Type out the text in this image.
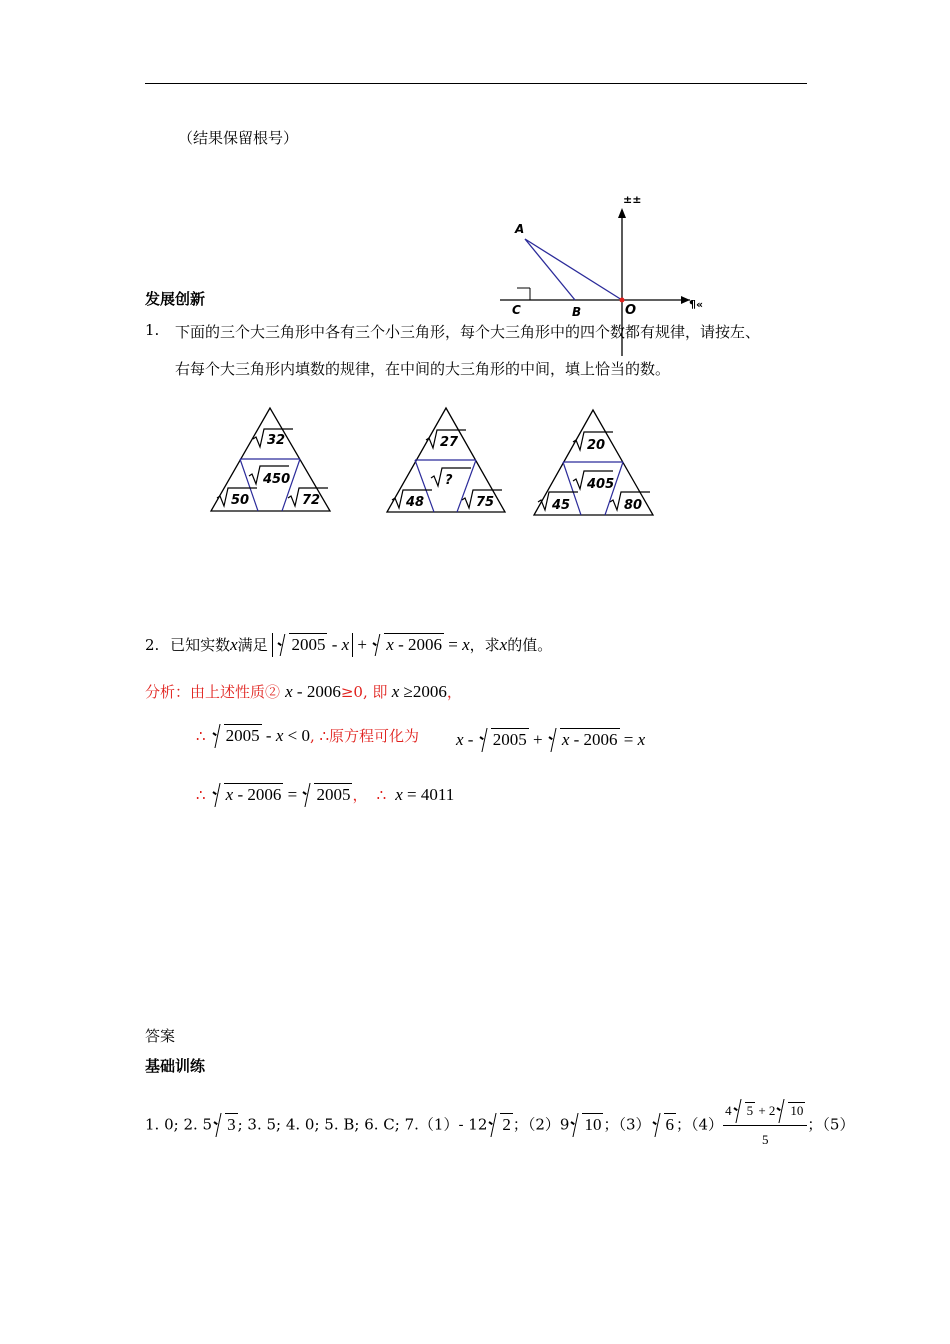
（结果保留根号）
A
C	B	O
±±
¶«
发展创新
1. 下面的三个大三角形中各有三个小三角形，每个大三角形中的四个数都有规律，请按左、
右每个大三角形内填数的规律，在中间的大三角形的中间，填上恰当的数。
32
450
50	72
27
?
48	75
20
405
45	80
2. 已知实数x满足 2005 - x + x - 2006 = x，求x的值。
分析：由上述性质② x - 2006≥0, 即 x ≥2006，
∴ 2005 - x < 0, ∴原方程可化为 x - 2005 + x - 2006 = x
∴ x - 2006 = 2005 ， ∴ x = 4011
答案
基础训练
1. 0; 2. 5 3 ; 3. 5; 4. 0; 5. B; 6. C; 7.（1）- 12 2 ；（2）9 10 ；（3） 6 ；$(4) \frac{4 5 + 2 10}{5}$ ；（5）
